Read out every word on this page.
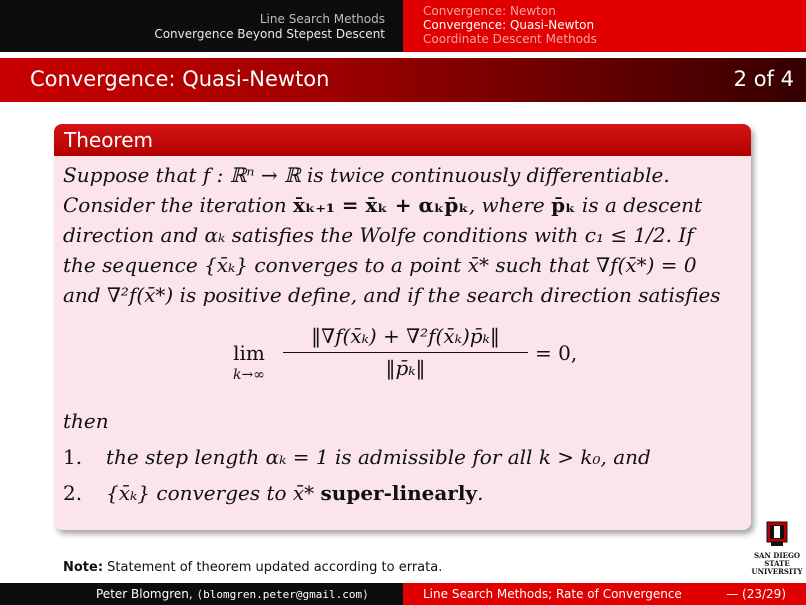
Line Search Methods
Convergence Beyond Stepest Descent
Convergence: Newton
Convergence: Quasi-Newton
Coordinate Descent Methods
Convergence: Quasi-Newton	2 of 4
Theorem
Suppose that f : ℝⁿ → ℝ is twice continuously differentiable.
Consider the iteration x̄ₖ₊₁ = x̄ₖ + αₖp̄ₖ, where p̄ₖ is a descent
direction and αₖ satisfies the Wolfe conditions with c₁ ≤ 1/2. If
the sequence {x̄ₖ} converges to a point x̄* such that ∇f(x̄*) = 0
and ∇²f(x̄*) is positive define, and if the search direction satisfies
lim
$k\to\infty \frac{\text{‖∇f(x̄ₖ) + ∇²f(x̄ₖ)p̄ₖ‖}}{\text{‖p̄ₖ‖}} = 0$,
then
1. the step length αₖ = 1 is admissible for all k > k₀, and
2. {x̄ₖ} converges to x̄* super-linearly.
Note: Statement of theorem updated according to errata.
SAN DIEGO STATE
UNIVERSITY
Peter Blomgren, ⟨blomgren.peter@gmail.com⟩	Line Search Methods; Rate of Convergence	— (23/29)
